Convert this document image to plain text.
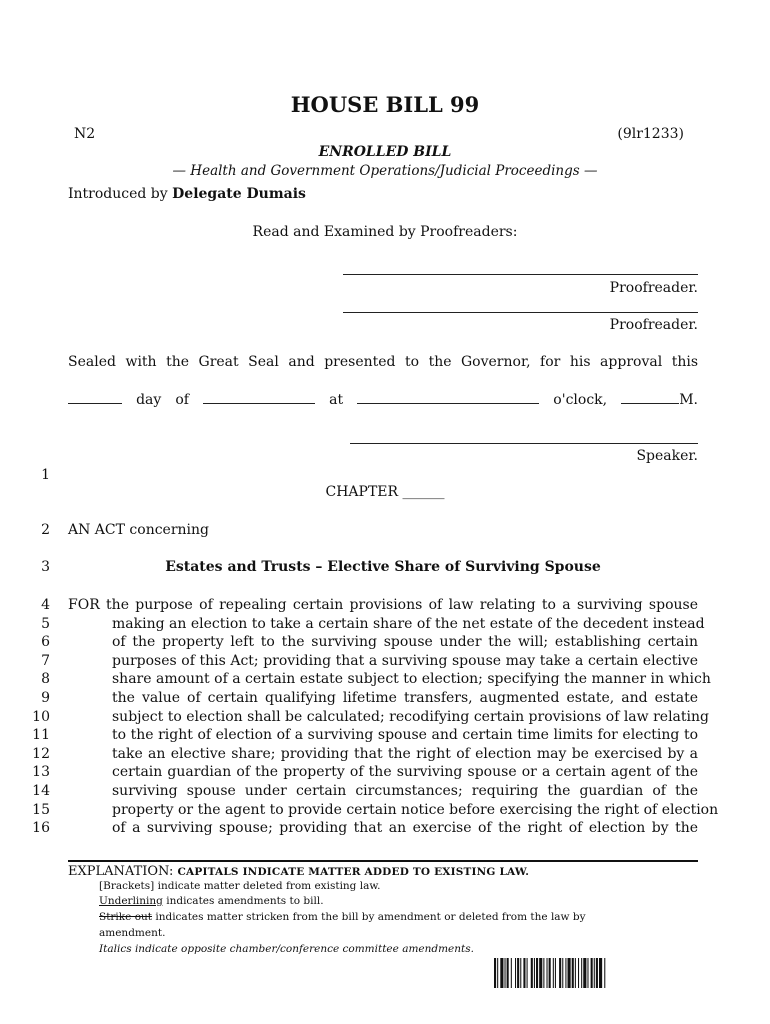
HOUSE BILL 99
N2	(9lr1233)
ENROLLED BILL
— Health and Government Operations/Judicial Proceedings —
Introduced by Delegate Dumais
Read and Examined by Proofreaders:
Proofreader.
Proofreader.
Sealed with the Great Seal and presented to the Governor, for his approval this
day of	at	o'clock,	M.
Speaker.
1
CHAPTER ______
2 AN ACT concerning
3	Estates and Trusts – Elective Share of Surviving Spouse
4 FOR the purpose of repealing certain provisions of law relating to a surviving spouse
5	making an election to take a certain share of the net estate of the decedent instead
6	of the property left to the surviving spouse under the will; establishing certain
7	purposes of this Act; providing that a surviving spouse may take a certain elective
8	share amount of a certain estate subject to election; specifying the manner in which
9	the value of certain qualifying lifetime transfers, augmented estate, and estate
10	subject to election shall be calculated; recodifying certain provisions of law relating
11	to the right of election of a surviving spouse and certain time limits for electing to
12	take an elective share; providing that the right of election may be exercised by a
13	certain guardian of the property of the surviving spouse or a certain agent of the
14	surviving spouse under certain circumstances; requiring the guardian of the
15	property or the agent to provide certain notice before exercising the right of election
16	of a surviving spouse; providing that an exercise of the right of election by the
EXPLANATION: CAPITALS INDICATE MATTER ADDED TO EXISTING LAW.
[Brackets] indicate matter deleted from existing law.
Underlining indicates amendments to bill.
Strike out indicates matter stricken from the bill by amendment or deleted from the law by
amendment.
Italics indicate opposite chamber/conference committee amendments.
